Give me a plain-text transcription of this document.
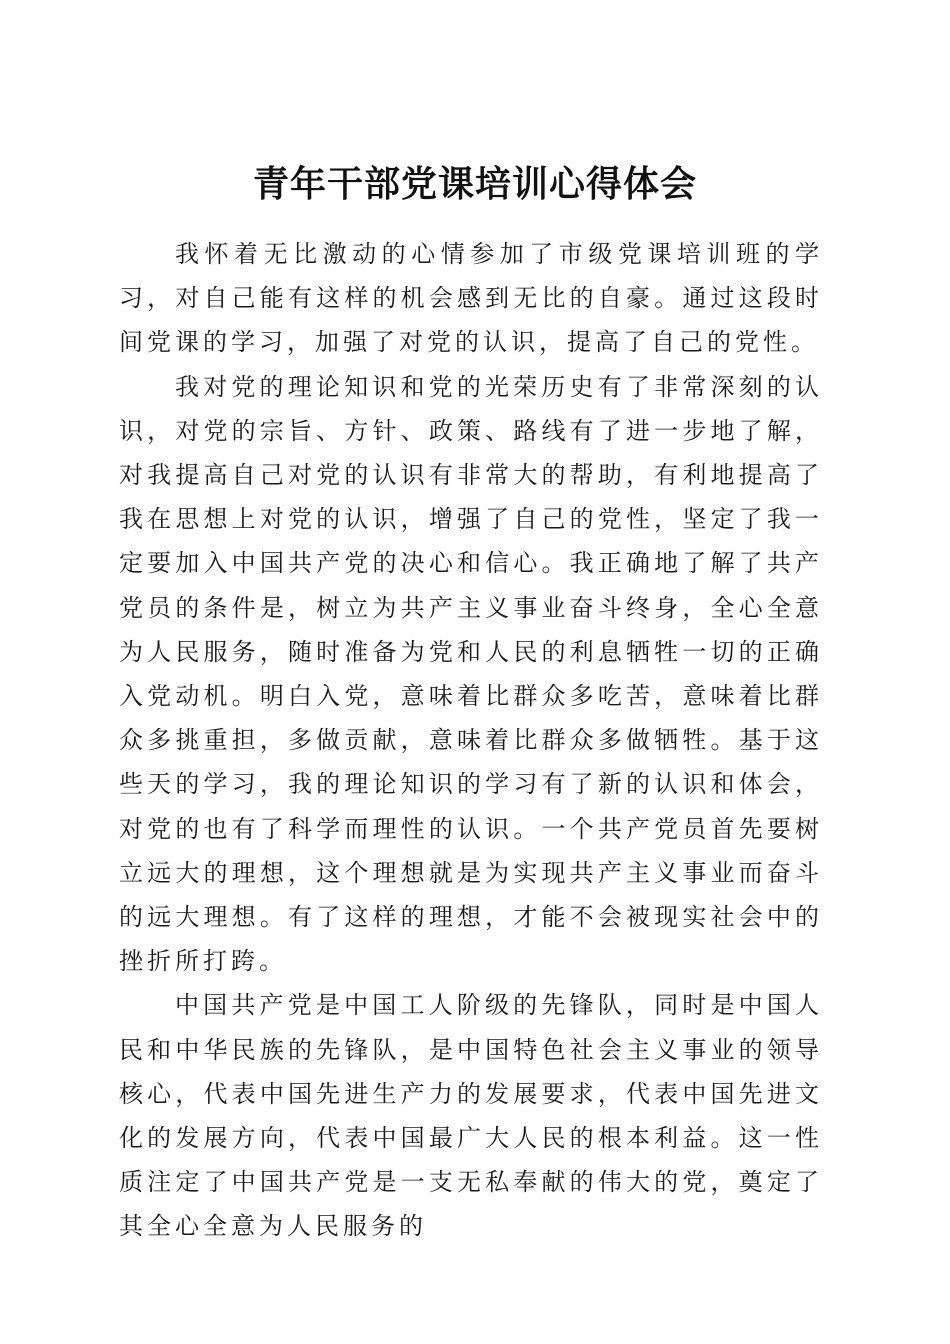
青年干部党课培训心得体会

我怀着无比激动的心情参加了市级党课培训班的学习，对自己能有这样的机会感到无比的自豪。通过这段时间党课的学习，加强了对党的认识，提高了自己的党性。

我对党的理论知识和党的光荣历史有了非常深刻的认识，对党的宗旨、方针、政策、路线有了进一步地了解，对我提高自己对党的认识有非常大的帮助，有利地提高了我在思想上对党的认识，增强了自己的党性，坚定了我一定要加入中国共产党的决心和信心。我正确地了解了共产党员的条件是，树立为共产主义事业奋斗终身，全心全意为人民服务，随时准备为党和人民的利息牺牲一切的正确入党动机。明白入党，意味着比群众多吃苦，意味着比群众多挑重担，多做贡献，意味着比群众多做牺牲。基于这些天的学习，我的理论知识的学习有了新的认识和体会，对党的也有了科学而理性的认识。一个共产党员首先要树立远大的理想，这个理想就是为实现共产主义事业而奋斗的远大理想。有了这样的理想，才能不会被现实社会中的挫折所打跨。

中国共产党是中国工人阶级的先锋队，同时是中国人民和中华民族的先锋队，是中国特色社会主义事业的领导核心，代表中国先进生产力的发展要求，代表中国先进文化的发展方向，代表中国最广大人民的根本利益。这一性质注定了中国共产党是一支无私奉献的伟大的党，奠定了其全心全意为人民服务的
